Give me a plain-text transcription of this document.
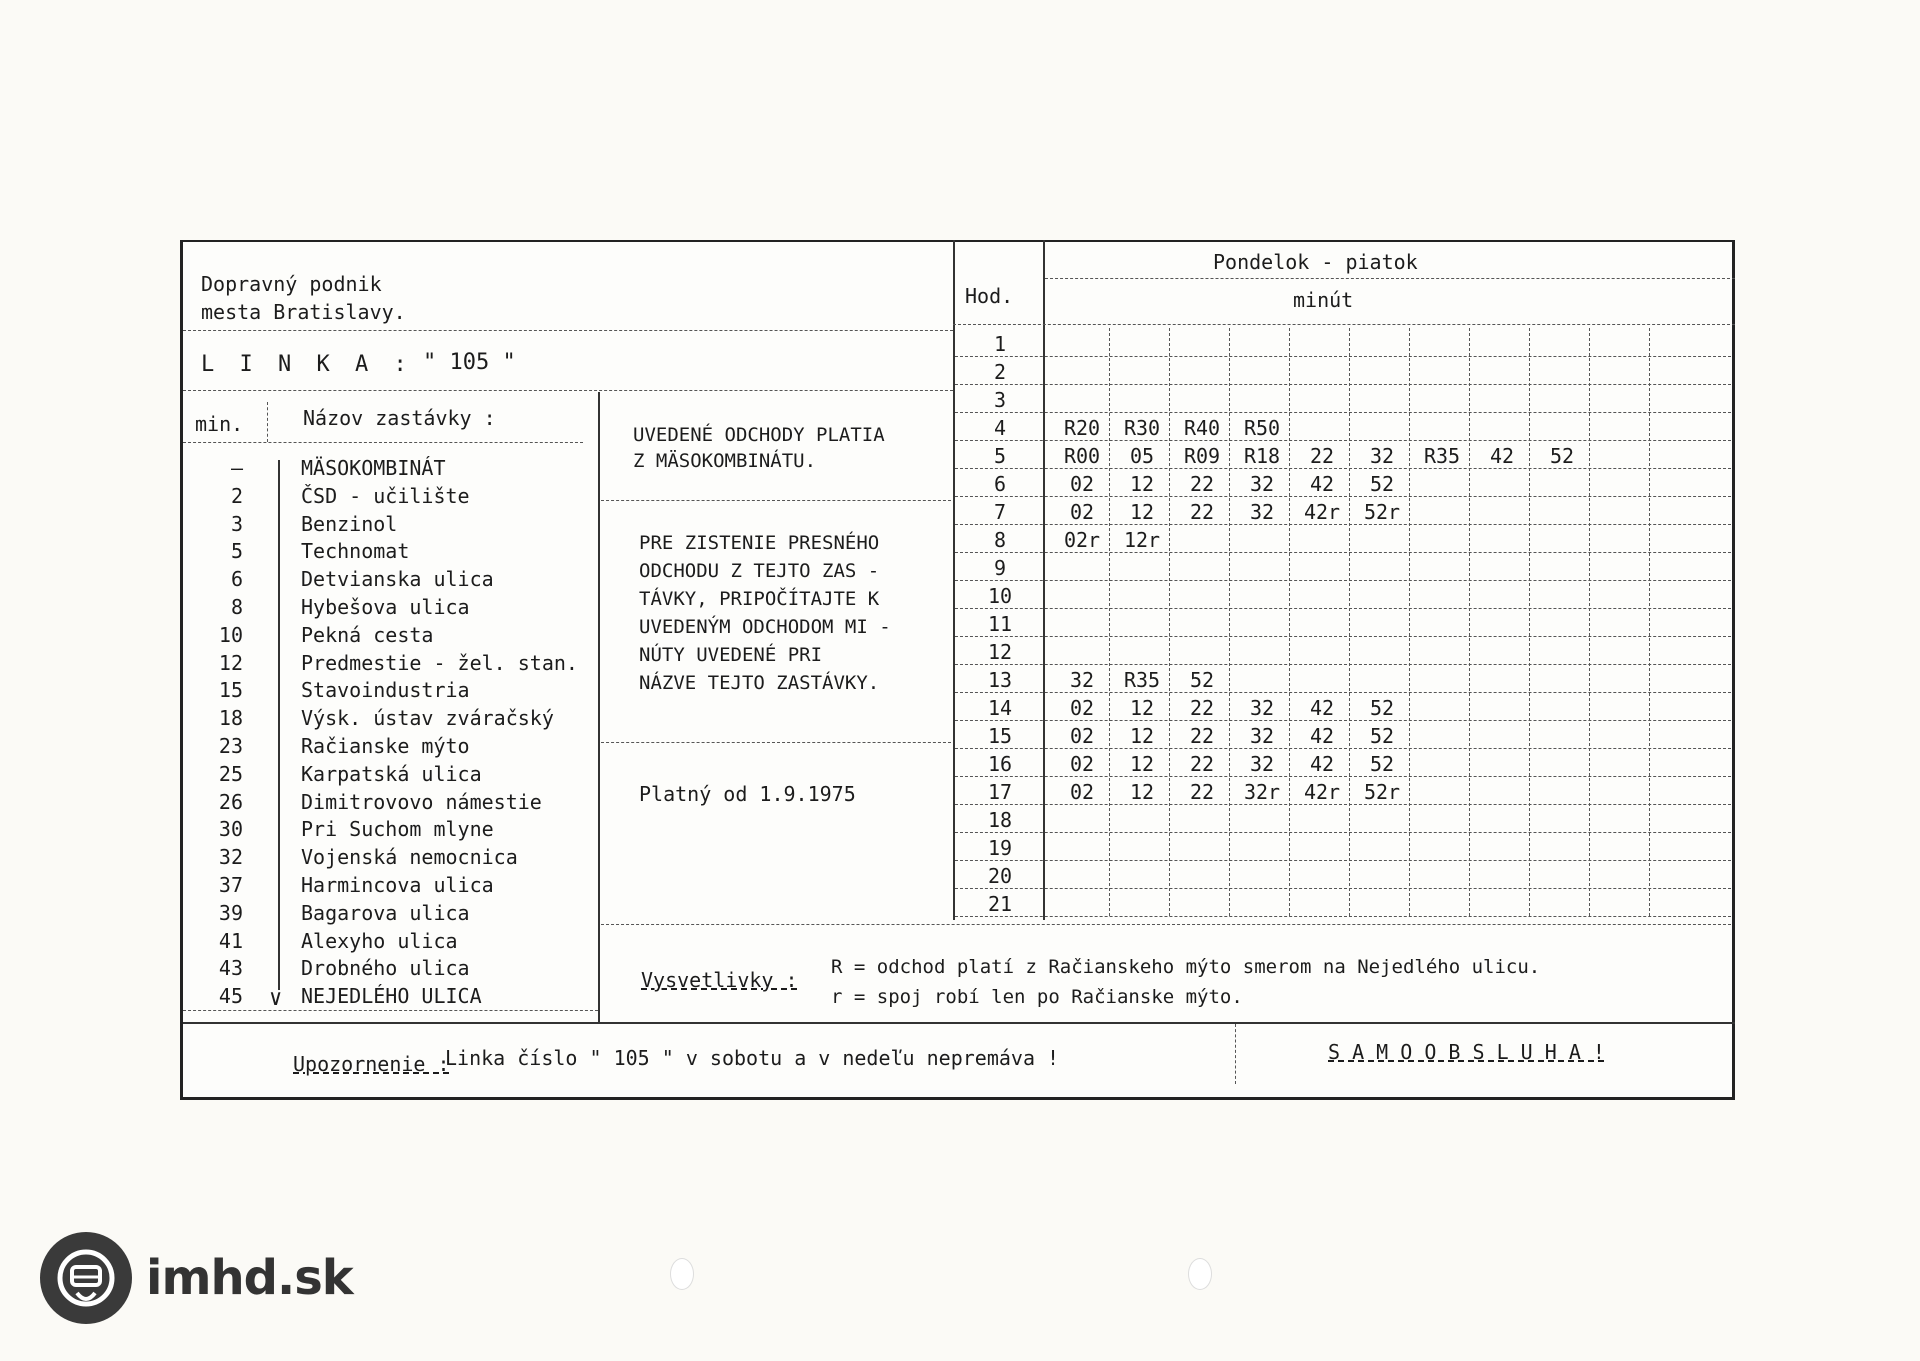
Dopravný podnik
mesta Bratislavy.
L I N K A : " 105 "
min.	Názov zastávky :
—	MÄSOKOMBINÁT
2	ČSD - učilište
3	Benzinol
5	Technomat
6	Detvianska ulica
8	Hybešova ulica
10	Pekná cesta
12	Predmestie - žel. stan.
15	Stavoindustria
18	Výsk. ústav zváračský
23	Račianske mýto
25	Karpatská ulica
26	Dimitrovovo námestie
30	Pri Suchom mlyne
32	Vojenská nemocnica
37	Harmincova ulica
39	Bagarova ulica
41	Alexyho ulica
43	Drobného ulica
45	NEJEDLÉHO ULICA
∨
UVEDENÉ ODCHODY PLATIA
Z MÄSOKOMBINÁTU.
PRE ZISTENIE PRESNÉHO
ODCHODU Z TEJTO ZAS -
TÁVKY, PRIPOČÍTAJTE K
UVEDENÝM ODCHODOM MI -
NÚTY UVEDENÉ PRI
NÁZVE TEJTO ZASTÁVKY.
Platný od 1.9.1975
Hod.
Pondelok - piatok
minút
1
2
3
4	R20	R30	R40	R50
5	R00	05	R09	R18	22	32	R35	42	52
6	02	12	22	32	42	52
7	02	12	22	32	42r	52r
8	02r	12r
9
10
11
12
13	32	R35	52
14	02	12	22	32	42	52
15	02	12	22	32	42	52
16	02	12	22	32	42	52
17	02	12	22	32r	42r	52r
18
19
20
21
Vysvetlivky :
R = odchod platí z Račianskeho mýto smerom na Nejedlého ulicu.
r = spoj robí len po Račianske mýto.
Upozornenie :
Linka číslo " 105 " v sobotu a v nedeľu nepremáva !	S A M O O B S L U H A !
imhd.sk
